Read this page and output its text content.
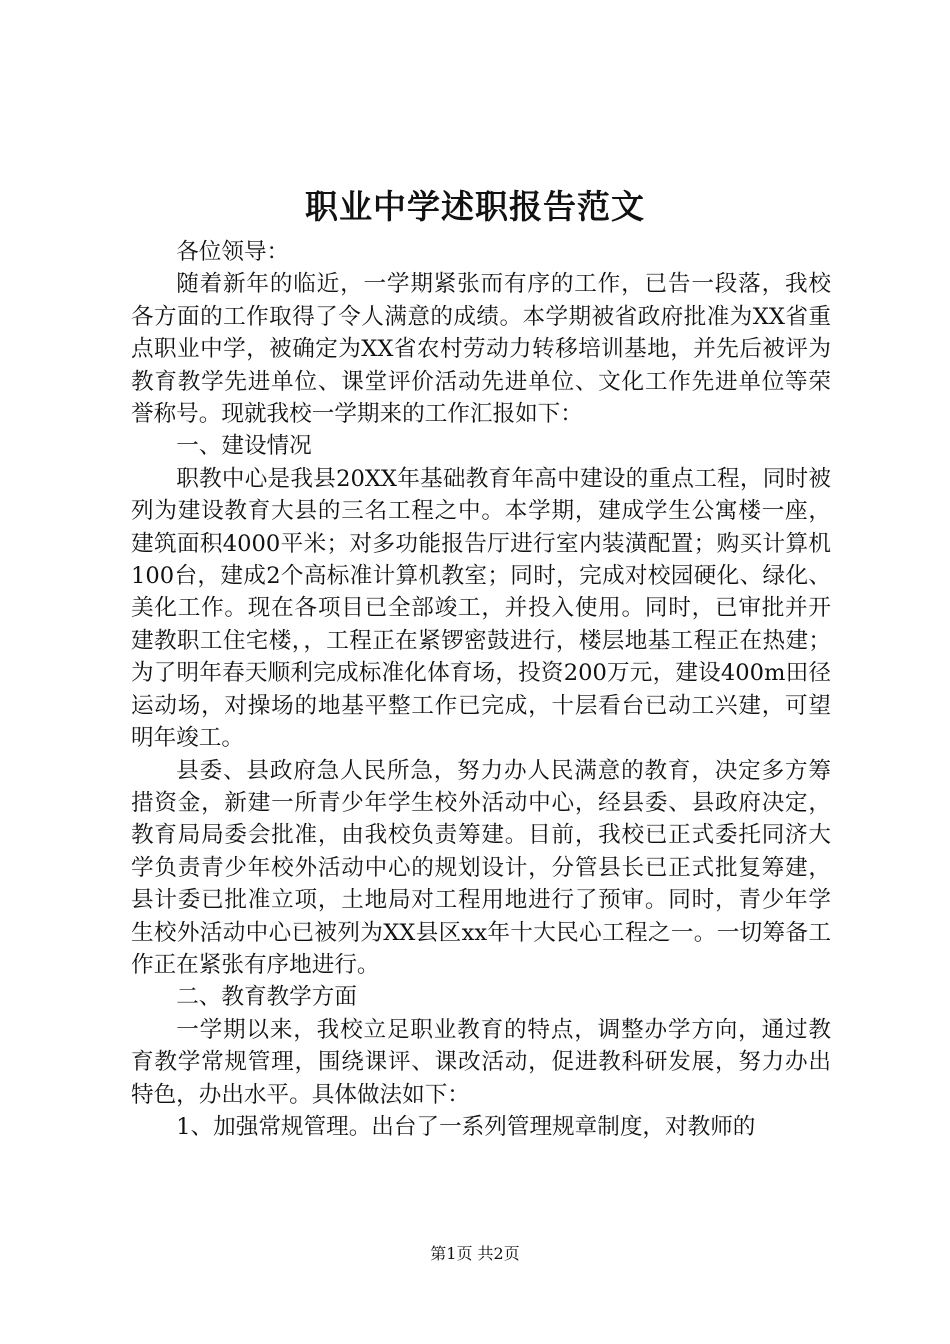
职业中学述职报告范文

各位领导：

随着新年的临近，一学期紧张而有序的工作，已告一段落，我校各方面的工作取得了令人满意的成绩。本学期被省政府批准为XX省重点职业中学，被确定为XX省农村劳动力转移培训基地，并先后被评为教育教学先进单位、课堂评价活动先进单位、文化工作先进单位等荣誉称号。现就我校一学期来的工作汇报如下：

一、建设情况

职教中心是我县20XX年基础教育年高中建设的重点工程，同时被列为建设教育大县的三名工程之中。本学期，建成学生公寓楼一座，建筑面积4000平米；对多功能报告厅进行室内装潢配置；购买计算机100台，建成2个高标准计算机教室；同时，完成对校园硬化、绿化、美化工作。现在各项目已全部竣工，并投入使用。同时，已审批并开建教职工住宅楼，，工程正在紧锣密鼓进行，楼层地基工程正在热建；为了明年春天顺利完成标准化体育场，投资200万元，建设400m田径运动场，对操场的地基平整工作已完成，十层看台已动工兴建，可望明年竣工。

县委、县政府急人民所急，努力办人民满意的教育，决定多方筹措资金，新建一所青少年学生校外活动中心，经县委、县政府决定，教育局局委会批准，由我校负责筹建。目前，我校已正式委托同济大学负责青少年校外活动中心的规划设计，分管县长已正式批复筹建，县计委已批准立项，土地局对工程用地进行了预审。同时，青少年学生校外活动中心已被列为XX县区xx年十大民心工程之一。一切筹备工作正在紧张有序地进行。

二、教育教学方面

一学期以来，我校立足职业教育的特点，调整办学方向，通过教育教学常规管理，围绕课评、课改活动，促进教科研发展，努力办出特色，办出水平。具体做法如下：

1、加强常规管理。出台了一系列管理规章制度，对教师的

第1页 共2页
